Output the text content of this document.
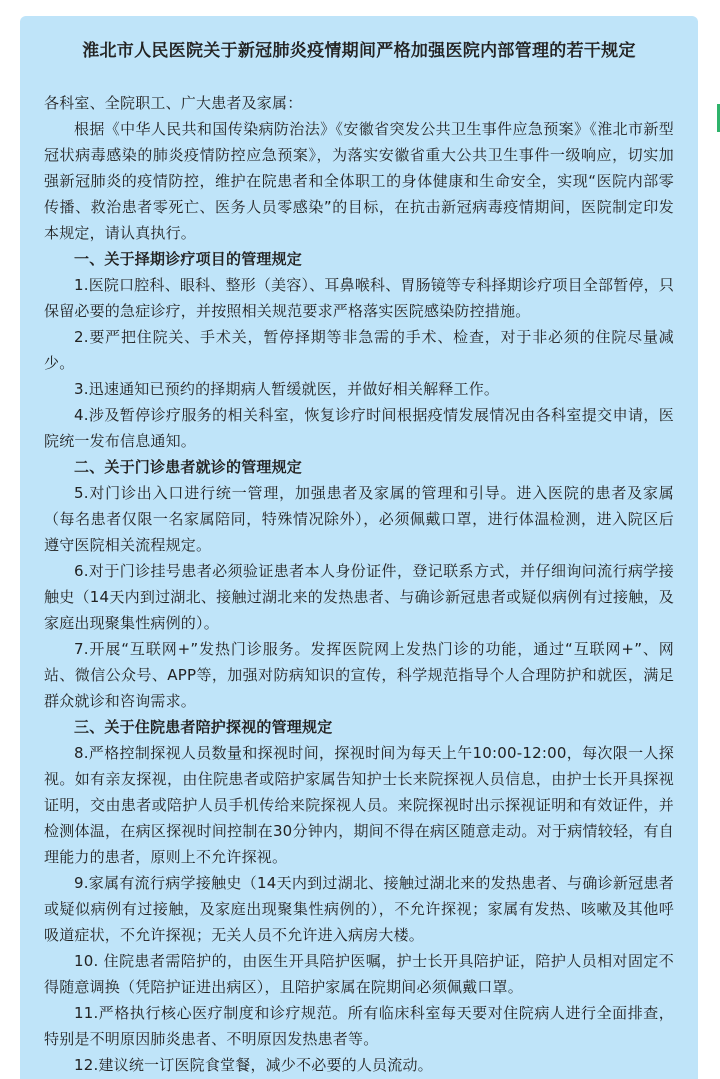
淮北市人民医院关于新冠肺炎疫情期间严格加强医院内部管理的若干规定

各科室、全院职工、广大患者及家属：

根据《中华人民共和国传染病防治法》《安徽省突发公共卫生事件应急预案》《淮北市新型冠状病毒感染的肺炎疫情防控应急预案》，为落实安徽省重大公共卫生事件一级响应，切实加强新冠肺炎的疫情防控，维护在院患者和全体职工的身体健康和生命安全，实现“医院内部零传播、救治患者零死亡、医务人员零感染”的目标，在抗击新冠病毒疫情期间，医院制定印发本规定，请认真执行。

一、关于择期诊疗项目的管理规定

1.医院口腔科、眼科、整形（美容）、耳鼻喉科、胃肠镜等专科择期诊疗项目全部暂停，只保留必要的急症诊疗，并按照相关规范要求严格落实医院感染防控措施。

2.要严把住院关、手术关，暂停择期等非急需的手术、检查，对于非必须的住院尽量减少。

3.迅速通知已预约的择期病人暂缓就医，并做好相关解释工作。

4.涉及暂停诊疗服务的相关科室，恢复诊疗时间根据疫情发展情况由各科室提交申请，医院统一发布信息通知。

二、关于门诊患者就诊的管理规定

5.对门诊出入口进行统一管理，加强患者及家属的管理和引导。进入医院的患者及家属（每名患者仅限一名家属陪同，特殊情况除外），必须佩戴口罩，进行体温检测，进入院区后遵守医院相关流程规定。

6.对于门诊挂号患者必须验证患者本人身份证件，登记联系方式，并仔细询问流行病学接触史（14天内到过湖北、接触过湖北来的发热患者、与确诊新冠患者或疑似病例有过接触，及家庭出现聚集性病例的）。

7.开展“互联网+”发热门诊服务。发挥医院网上发热门诊的功能，通过“互联网+”、网站、微信公众号、APP等，加强对防病知识的宣传，科学规范指导个人合理防护和就医，满足群众就诊和咨询需求。

三、关于住院患者陪护探视的管理规定

8.严格控制探视人员数量和探视时间，探视时间为每天上午10:00-12:00，每次限一人探视。如有亲友探视，由住院患者或陪护家属告知护士长来院探视人员信息，由护士长开具探视证明，交由患者或陪护人员手机传给来院探视人员。来院探视时出示探视证明和有效证件，并检测体温，在病区探视时间控制在30分钟内，期间不得在病区随意走动。对于病情较轻，有自理能力的患者，原则上不允许探视。

9.家属有流行病学接触史（14天内到过湖北、接触过湖北来的发热患者、与确诊新冠患者或疑似病例有过接触，及家庭出现聚集性病例的），不允许探视；家属有发热、咳嗽及其他呼吸道症状，不允许探视；无关人员不允许进入病房大楼。

10. 住院患者需陪护的，由医生开具陪护医嘱，护士长开具陪护证，陪护人员相对固定不得随意调换（凭陪护证进出病区），且陪护家属在院期间必须佩戴口罩。

11.严格执行核心医疗制度和诊疗规范。所有临床科室每天要对住院病人进行全面排查，特别是不明原因肺炎患者、不明原因发热患者等。

12.建议统一订医院食堂餐，减少不必要的人员流动。
